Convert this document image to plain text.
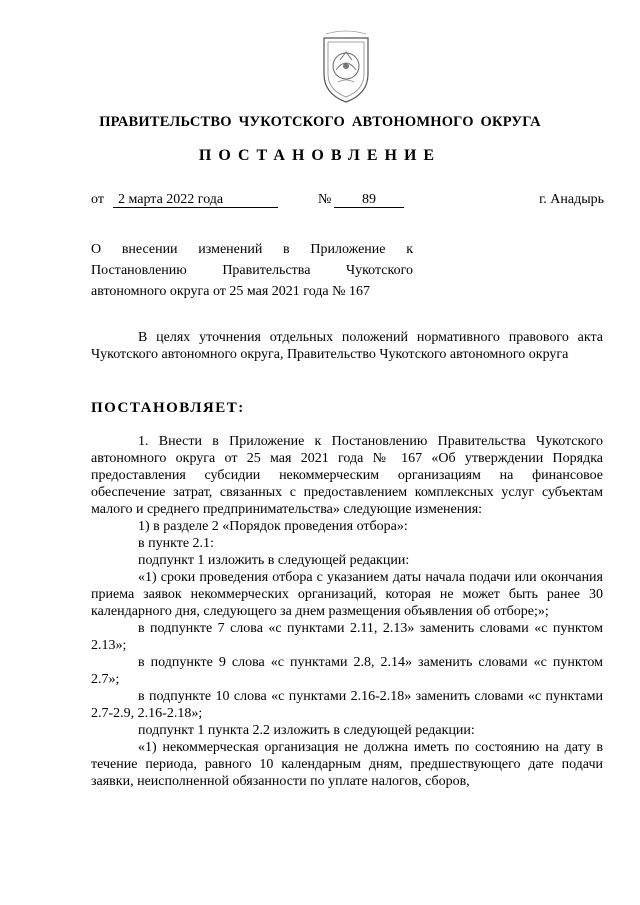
ПРАВИТЕЛЬСТВО ЧУКОТСКОГО АВТОНОМНОГО ОКРУГА
ПОСТАНОВЛЕНИЕ
от	2 марта 2022 года	№	89	г. Анадырь

О внесении изменений в Приложение к

Постановлению Правительства Чукотского

автономного округа от 25 мая 2021 года № 167

В целях уточнения отдельных положений нормативного правового акта Чукотского автономного округа, Правительство Чукотского автономного округа

ПОСТАНОВЛЯЕТ:

1. Внести в Приложение к Постановлению Правительства Чукотского автономного округа от 25 мая 2021 года № 167 «Об утверждении Порядка предоставления субсидии некоммерческим организациям на финансовое обеспечение затрат, связанных с предоставлением комплексных услуг субъектам малого и среднего предпринимательства» следующие изменения:

1) в разделе 2 «Порядок проведения отбора»:

в пункте 2.1:

подпункт 1 изложить в следующей редакции:

«1) сроки проведения отбора с указанием даты начала подачи или окончания приема заявок некоммерческих организаций, которая не может быть ранее 30 календарного дня, следующего за днем размещения объявления об отборе;»;

в подпункте 7 слова «с пунктами 2.11, 2.13» заменить словами «с пунктом 2.13»;

в подпункте 9 слова «с пунктами 2.8, 2.14» заменить словами «с пунктом 2.7»;

в подпункте 10 слова «с пунктами 2.16-2.18» заменить словами «с пунктами 2.7-2.9, 2.16-2.18»;

подпункт 1 пункта 2.2 изложить в следующей редакции:

«1) некоммерческая организация не должна иметь по состоянию на дату в течение периода, равного 10 календарным дням, предшествующего дате подачи заявки, неисполненной обязанности по уплате налогов, сборов,
